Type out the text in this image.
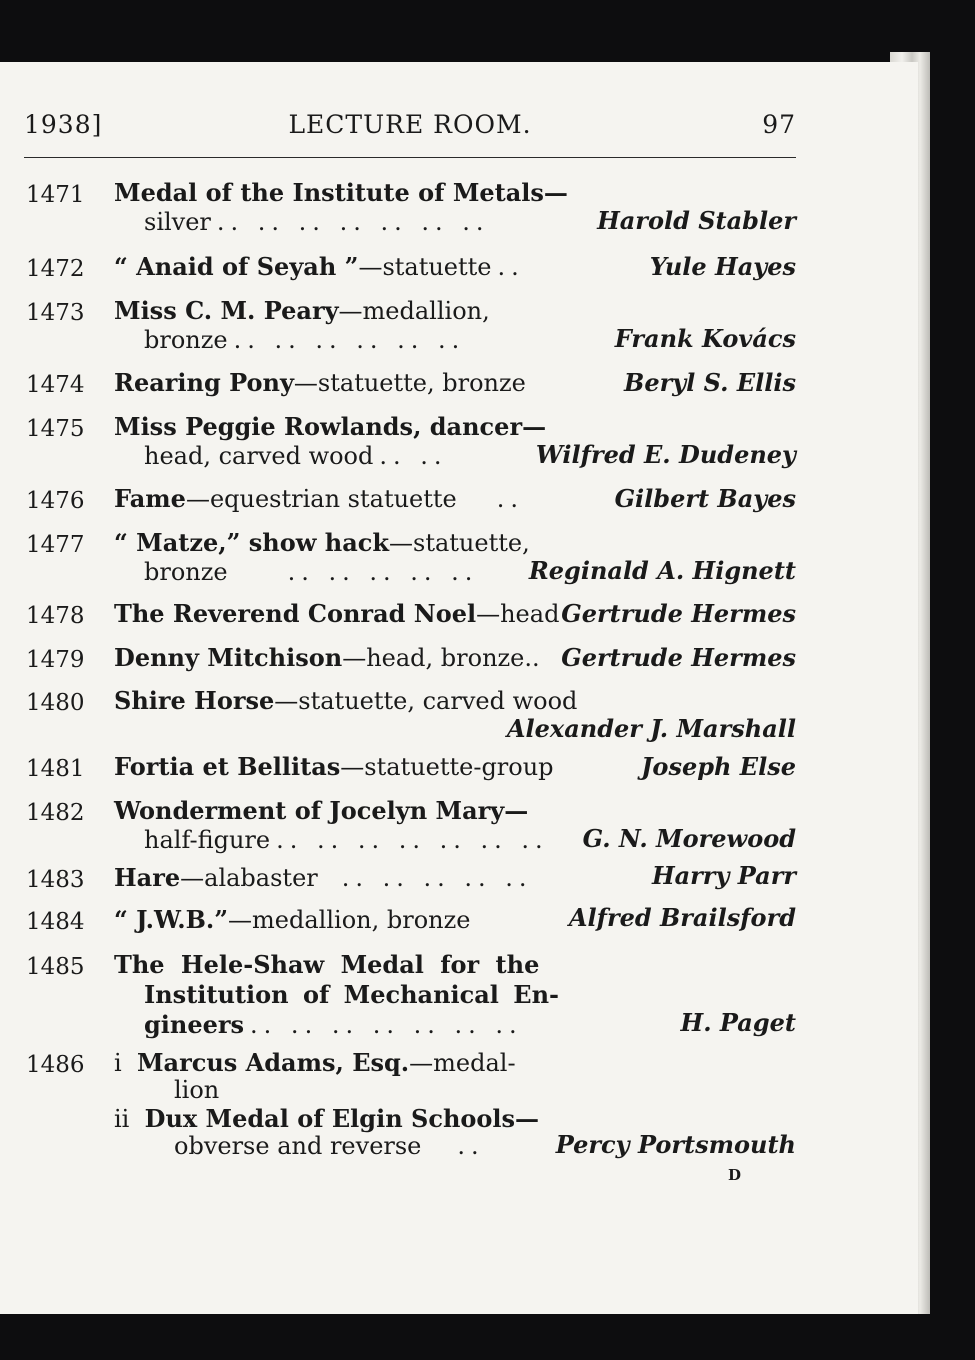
1938]	LECTURE ROOM.	97
1471 Medal of the Institute of Metals—
silver .. .. .. .. .. .. ..	Harold Stabler
1472 “ Anaid of Seyah ”—statuette ..	Yule Hayes
1473 Miss C. M. Peary—medallion,
bronze .. .. .. .. .. ..	Frank Kovács
1474 Rearing Pony—statuette, bronze	Beryl S. Ellis
1475 Miss Peggie Rowlands, dancer—
head, carved wood .. ..	Wilfred E. Dudeney
1476 Fame—equestrian statuette ..	Gilbert Bayes
1477 “ Matze,” show hack—statuette,
bronze	.. .. .. .. .. Reginald A. Hignett
1478 The Reverend Conrad Noel—head Gertrude Hermes
1479 Denny Mitchison—head, bronze.. Gertrude Hermes
1480 Shire Horse—statuette, carved wood
Alexander J. Marshall
1481 Fortia et Bellitas—statuette-group	Joseph Else
1482 Wonderment of Jocelyn Mary—
half-figure .. .. .. .. .. .. .. G. N. Morewood
1483 Hare—alabaster .. .. .. .. ..	Harry Parr
1484 “ J.W.B.”—medallion, bronze	Alfred Brailsford
1485 The Hele-Shaw Medal for the
Institution of Mechanical En-
gineers .. .. .. .. .. .. ..	H. Paget
1486 i Marcus Adams, Esq.—medal-
lion
ii Dux Medal of Elgin Schools—
obverse and reverse ..	Percy Portsmouth
D
